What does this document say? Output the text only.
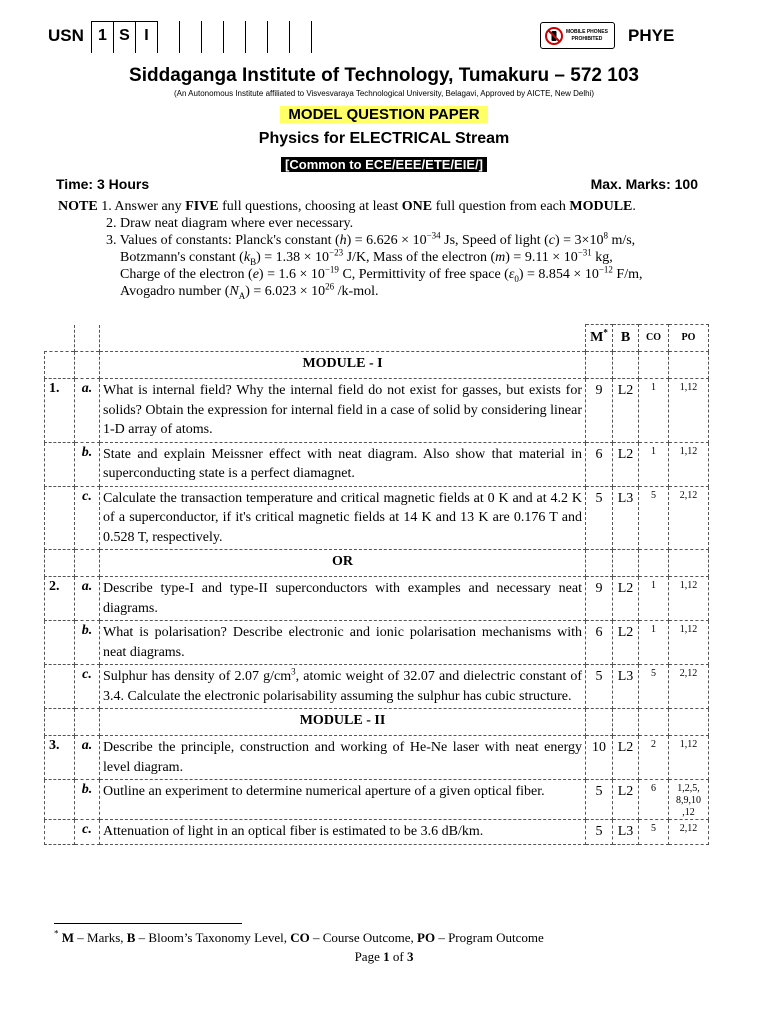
USN 1 S I	MOBILE PHONES
PROHIBITED	PHYE
Siddaganga Institute of Technology, Tumakuru – 572 103
(An Autonomous Institute affiliated to Visvesvaraya Technological University, Belagavi, Approved by AICTE, New Delhi)
MODEL QUESTION PAPER
Physics for ELECTRICAL Stream
[Common to ECE/EEE/ETE/EIE/]
Time: 3 Hours	Max. Marks: 100
NOTE 1. Answer any FIVE full questions, choosing at least ONE full question from each MODULE.
2. Draw neat diagram where ever necessary.
3. Values of constants: Planck's constant $(h) = 6.626 \times 10^{-34}$ Js, Speed of light $(c) = 3\times 10^8$ m/s,
Botzmann's constant $(k_B) = 1.38 \times 10^{-23}$ J/K, Mass of the electron $(m) = 9.11 \times 10^{-31}$ kg,
Charge of the electron $(e) = 1.6 \times 10^{-19}$ C, Permittivity of free space $(\varepsilon_0) = 8.854 \times 10^{-12}$ F/m,
Avogadro number $(N_A) = 6.023 \times 10^{26}$ /k-mol.
			M*	B	CO	PO
		MODULE - I				
1.	a.	What is internal field? Why the internal field do not exist for gasses, but exists for solids? Obtain the expression for internal field in a case of solid by considering linear 1-D array of atoms.	9	L2	1	1,12
	b.	State and explain Meissner effect with neat diagram. Also show that material in superconducting state is a perfect diamagnet.	6	L2	1	1,12
	c.	Calculate the transaction temperature and critical magnetic fields at 0 K and at 4.2 K of a superconductor, if it's critical magnetic fields at 14 K and 13 K are 0.176 T and 0.528 T, respectively.	5	L3	5	2,12
		OR				
2.	a.	Describe type-I and type-II superconductors with examples and necessary neat diagrams.	9	L2	1	1,12
	b.	What is polarisation? Describe electronic and ionic polarisation mechanisms with neat diagrams.	6	L2	1	1,12
	c.	Sulphur has density of 2.07 $g/cm^3$, atomic weight of 32.07 and dielectric constant of 3.4. Calculate the electronic polarisability assuming the sulphur has cubic structure.	5	L3	5	2,12
		MODULE - II				
3.	a.	Describe the principle, construction and working of He-Ne laser with neat energy level diagram.	10	L2	2	1,12
	b.	Outline an experiment to determine numerical aperture of a given optical fiber.	5	L2	6	1,2,5,
8,9,10
,12

	c.	Attenuation of light in an optical fiber is estimated to be 3.6 dB/km.	5	L3	5	2,12
* M – Marks, B – Bloom’s Taxonomy Level, CO – Course Outcome, PO – Program Outcome
Page 1 of 3
